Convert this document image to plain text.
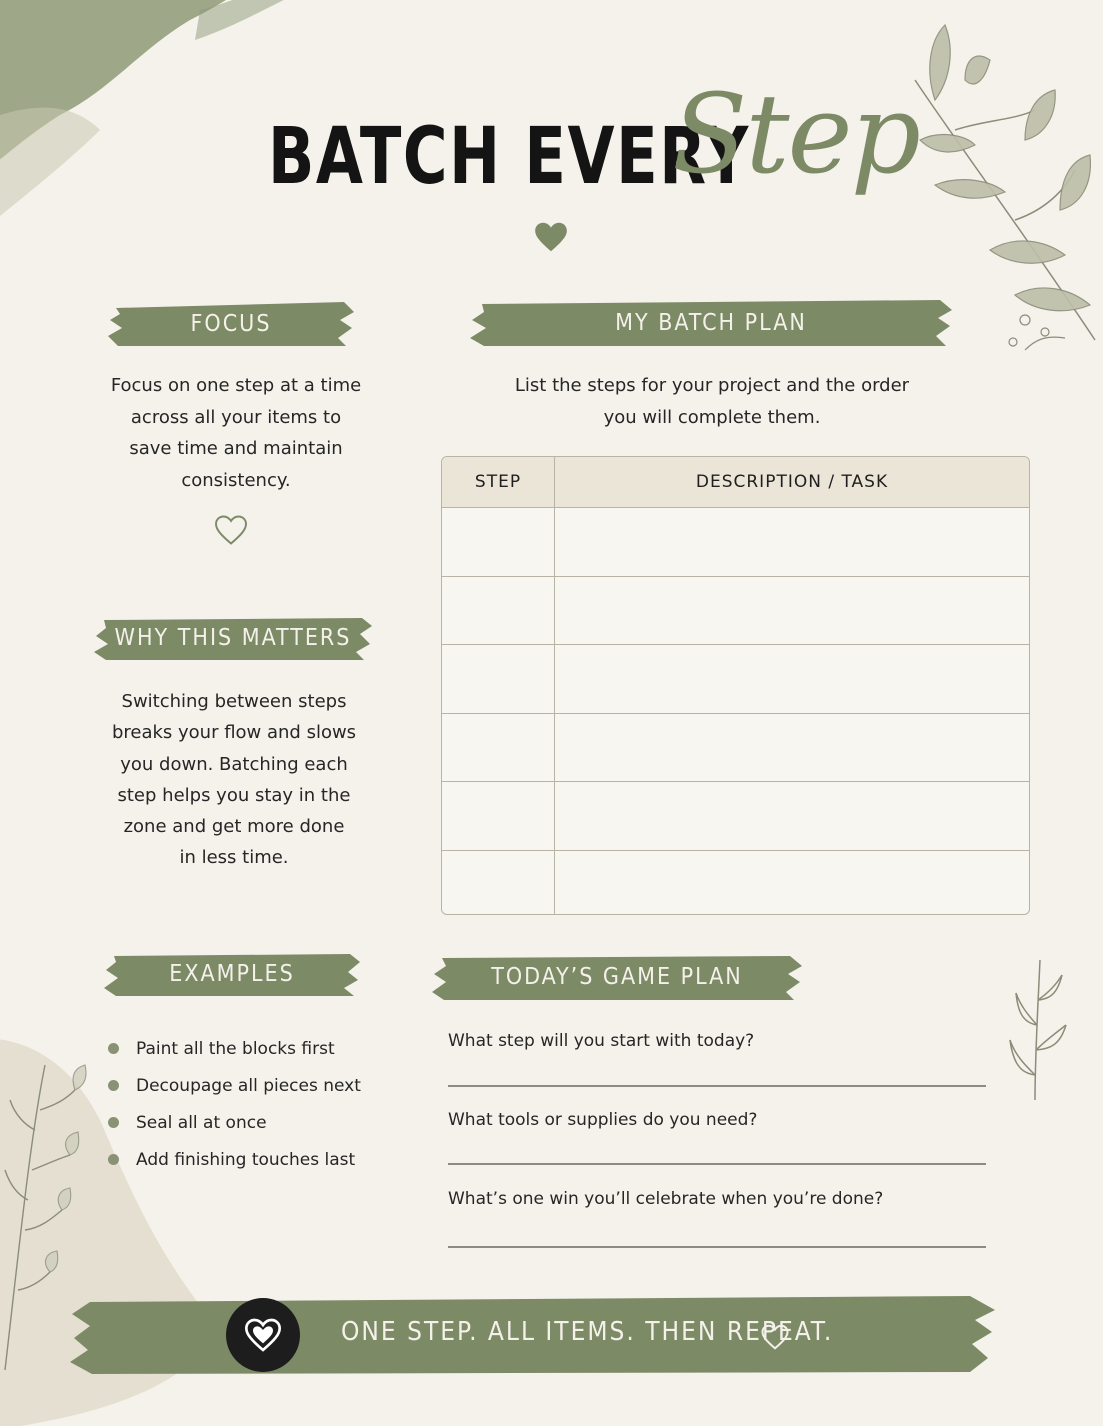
BATCH EVERY
Step
FOCUS
Focus on one step at a time
across all your items to
save time and maintain
consistency.
WHY THIS MATTERS
Switching between steps
breaks your flow and slows
you down. Batching each
step helps you stay in the
zone and get more done
in less time.
MY BATCH PLAN
List the steps for your project and the order
you will complete them.
STEP	DESCRIPTION / TASK
EXAMPLES
Paint all the blocks first
Decoupage all pieces next
Seal all at once
Add finishing touches last
TODAY’S GAME PLAN
What step will you start with today?
What tools or supplies do you need?
What’s one win you’ll celebrate when you’re done?
ONE STEP. ALL ITEMS. THEN REPEAT.
